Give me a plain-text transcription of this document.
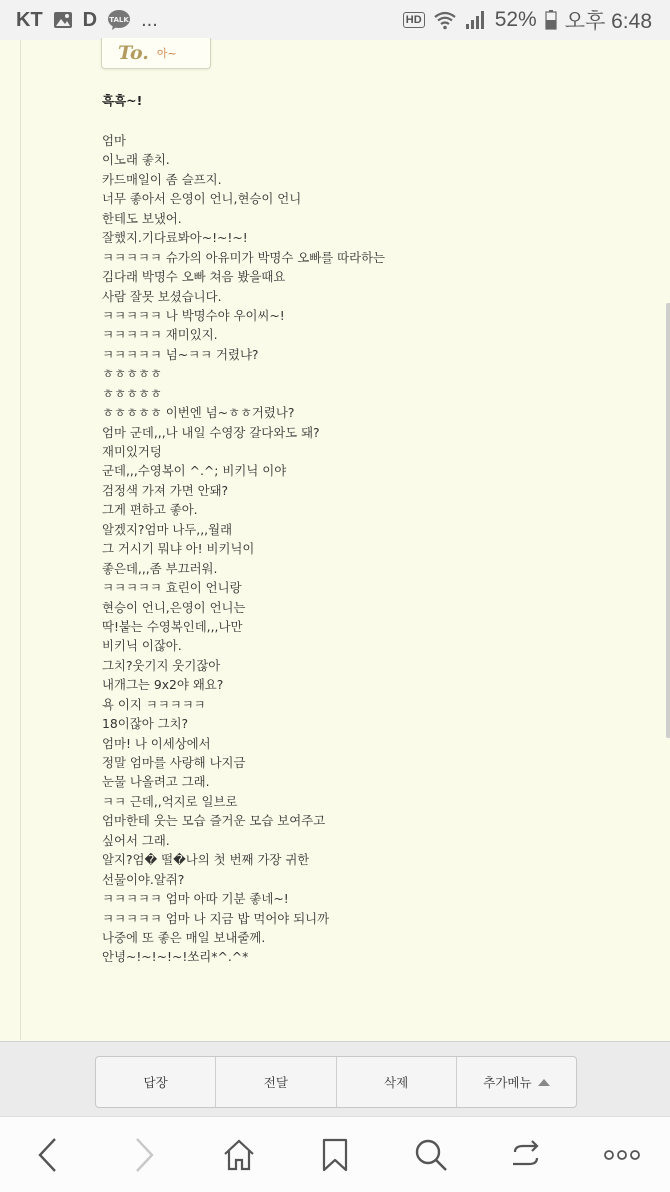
KT D TALK ...	HD	52% 오후 6:48
To. 아~
흑흑~!
엄마
이노래 좋치.
카드매일이 좀 슬프지.
너무 좋아서 은영이 언니,현승이 언니
한테도 보냈어.
잘했지.기다료봐아~!~!~!
ㅋㅋㅋㅋㅋ 슈가의 아유미가 박명수 오빠를 따라하는
김다래 박명수 오빠 쳐음 봤을때요
사람 잘못 보셨습니다.
ㅋㅋㅋㅋㅋ 나 박명수야 우이씨~!
ㅋㅋㅋㅋㅋ 재미있지.
ㅋㅋㅋㅋㅋ 넘~ㅋㅋ 거렸냐?
ㅎㅎㅎㅎㅎ
ㅎㅎㅎㅎㅎ
ㅎㅎㅎㅎㅎ 이번엔 넘~ㅎㅎ거렸나?
엄마 군데,,,나 내일 수영장 갈다와도 돼?
재미있거덩
군데,,,수영복이 ^.^; 비키닉 이야
검정색 가져 가면 안돼?
그게 편하고 좋아.
알겠지?엄마 나두,,,월래
그 거시기 뭐냐 아! 비키닉이
좋은데,,,좀 부끄러워.
ㅋㅋㅋㅋㅋ 효린이 언니랑
현승이 언니,은영이 언니는
딱!붙는 수영복인데,,,나만
비키닉 이잖아.
그치?웃기지 웃기잖아
내개그는 9x2야 왜요?
욕 이지 ㅋㅋㅋㅋㅋ
18이잖아 그치?
엄마! 나 이세상에서
정말 엄마를 사랑해 나지금
눈물 나올려고 그래.
ㅋㅋ 근데,,억지로 일브로
엄마한테 웃는 모습 즐거운 모습 보여주고
싶어서 그래.
알지?엄� 떨�나의 첫 번째 가장 귀한
선물이야.알쥐?
ㅋㅋㅋㅋㅋ 엄마 아따 기분 좋네~!
ㅋㅋㅋㅋㅋ 엄마 나 지금 밥 먹어야 되니까
나중에 또 좋은 매일 보내줄께.
안녕~!~!~!~!쏘리*^.^*
답장	전달	삭제	추가메뉴
